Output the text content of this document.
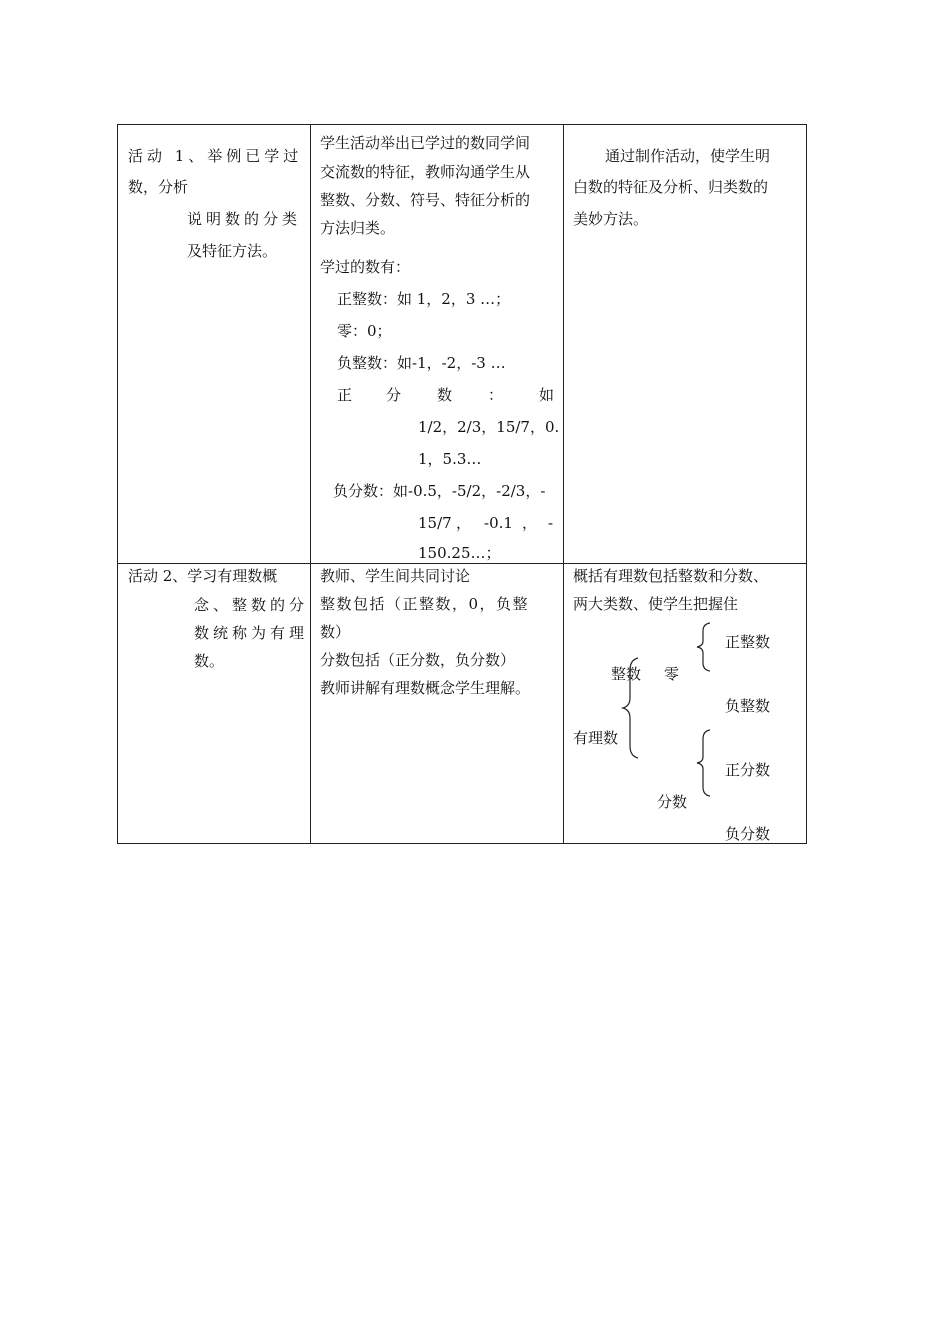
活动 1、举例已学过
数，分析
说明数的分类
及特征方法。
学生活动举出已学过的数同学间
交流数的特征，教师沟通学生从
整数、分数、符号、特征分析的
方法归类。
学过的数有：
正整数：如 1，2，3 …；
零：0；
负整数：如-1，-2，-3 …
正 分 数 ： 如
1/2，2/3，15/7，0.
1，5.3…
负分数：如-0.5，-5/2，-2/3，-
15/7 ， -0.1 ， -
150.25…；
通过制作活动，使学生明
白数的特征及分析、归类数的
美妙方法。
活动 2、学习有理数概
念、整数的分
数统称为有理
数。
教师、学生间共同讨论
整数包括（正整数，0，负整
数）
分数包括（正分数，负分数）
教师讲解有理数概念学生理解。
概括有理数包括整数和分数、
两大类数、使学生把握住
正整数
整数 零
负整数
有理数
正分数
分数
负分数
